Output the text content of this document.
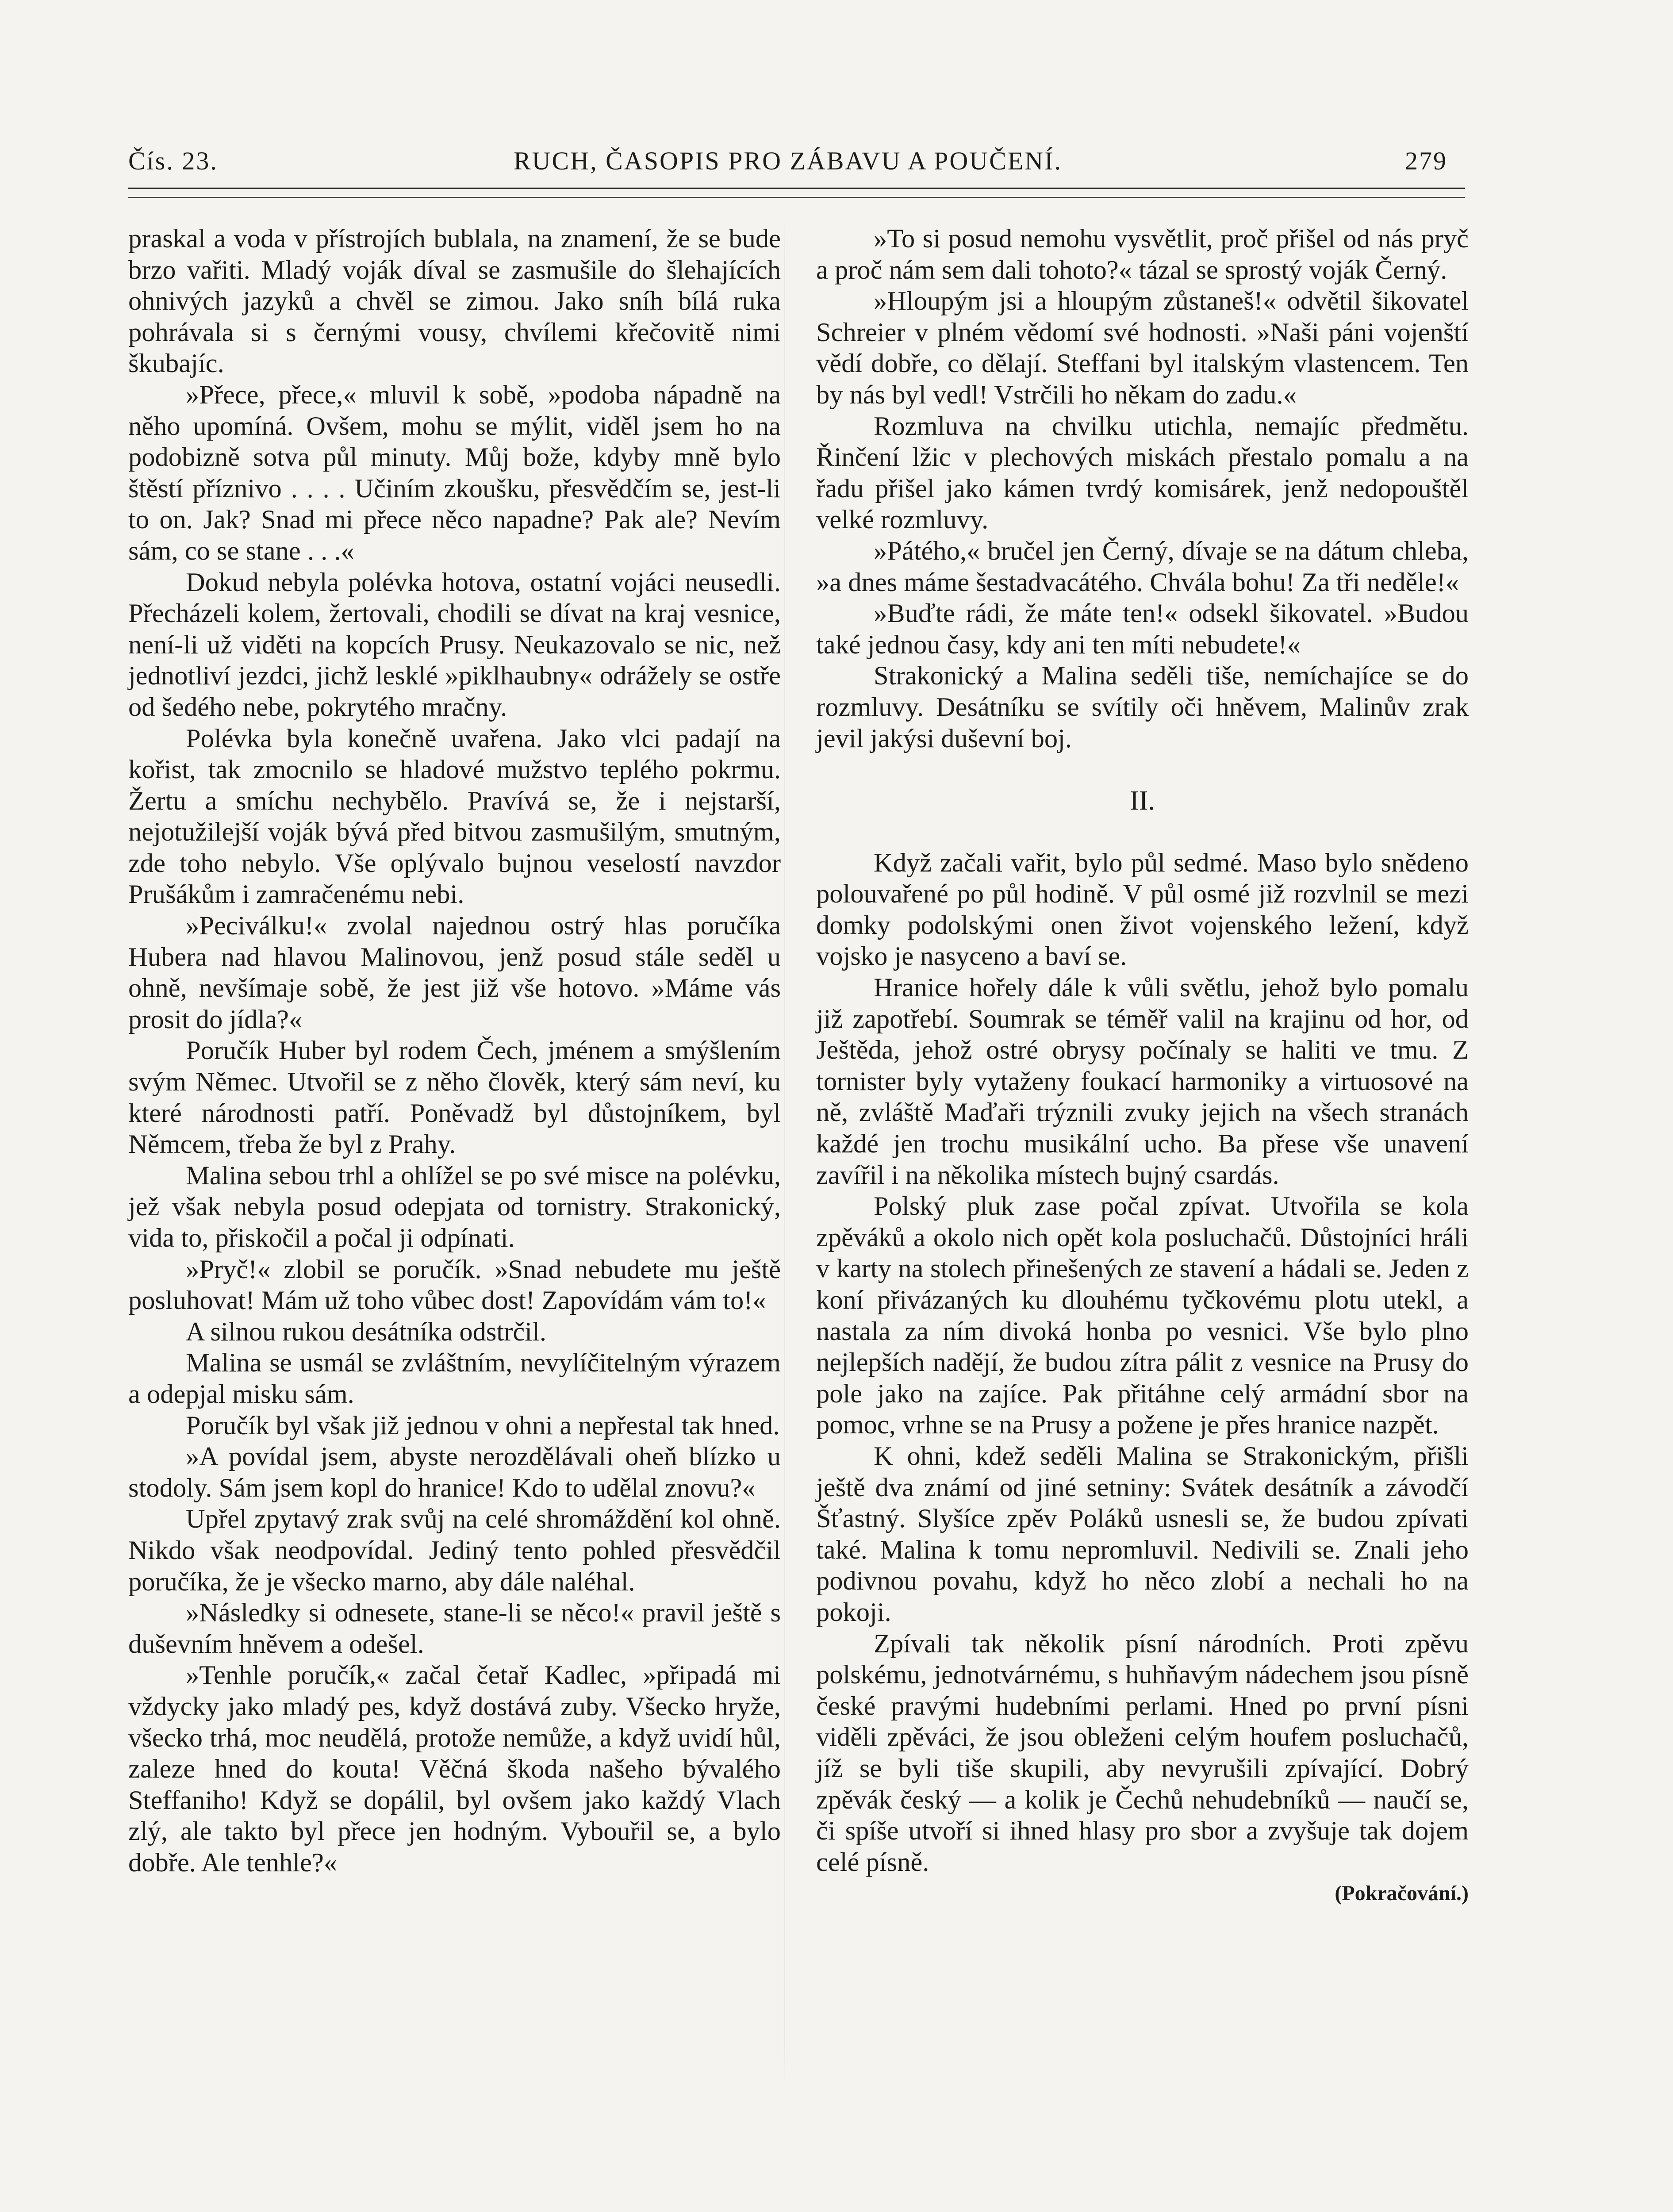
Čís. 23.	RUCH, ČASOPIS PRO ZÁBAVU A POUČENÍ.	279

praskal a voda v přístrojích bublala, na znamení, že se bude brzo vařiti. Mladý voják díval se zasmušile do šlehajících ohnivých jazyků a chvěl se zimou. Jako sníh bílá ruka pohrávala si s černými vousy, chvílemi křečovitě nimi škubajíc.

»Přece, přece,« mluvil k sobě, »podoba nápadně na něho upomíná. Ovšem, mohu se mýlit, viděl jsem ho na podobizně sotva půl minuty. Můj bože, kdyby mně bylo štěstí příznivo . . . . Učiním zkoušku, přesvědčím se, jest-li to on. Jak? Snad mi přece něco napadne? Pak ale? Nevím sám, co se stane . . .«

Dokud nebyla polévka hotova, ostatní vojáci neusedli. Přecházeli kolem, žertovali, chodili se dívat na kraj vesnice, není-li už viděti na kopcích Prusy. Neukazovalo se nic, než jednotliví jezdci, jichž lesklé »piklhaubny« odrážely se ostře od šedého nebe, pokrytého mračny.

Polévka byla konečně uvařena. Jako vlci padají na kořist, tak zmocnilo se hladové mužstvo teplého pokrmu. Žertu a smíchu nechybělo. Pravívá se, že i nejstarší, nejotužilejší voják bývá před bitvou zasmušilým, smutným, zde toho nebylo. Vše oplývalo bujnou veselostí navzdor Prušákům i zamračenému nebi.

»Peciválku!« zvolal najednou ostrý hlas poručíka Hubera nad hlavou Malinovou, jenž posud stále seděl u ohně, nevšímaje sobě, že jest již vše hotovo. »Máme vás prosit do jídla?«

Poručík Huber byl rodem Čech, jménem a smýšlením svým Němec. Utvořil se z něho člověk, který sám neví, ku které národnosti patří. Poněvadž byl důstojníkem, byl Němcem, třeba že byl z Prahy.

Malina sebou trhl a ohlížel se po své misce na polévku, jež však nebyla posud odepjata od tornistry. Strakonický, vida to, přiskočil a počal ji odpínati.

»Pryč!« zlobil se poručík. »Snad nebudete mu ještě posluhovat! Mám už toho vůbec dost! Zapovídám vám to!«

A silnou rukou desátníka odstrčil.

Malina se usmál se zvláštním, nevylíčitelným výrazem a odepjal misku sám.

Poručík byl však již jednou v ohni a nepřestal tak hned.

»A povídal jsem, abyste nerozdělávali oheň blízko u stodoly. Sám jsem kopl do hranice! Kdo to udělal znovu?«

Upřel zpytavý zrak svůj na celé shromáždění kol ohně. Nikdo však neodpovídal. Jediný tento pohled přesvědčil poručíka, že je všecko marno, aby dále naléhal.

»Následky si odnesete, stane-li se něco!« pravil ještě s duševním hněvem a odešel.

»Tenhle poručík,« začal četař Kadlec, »připadá mi vždycky jako mladý pes, když dostává zuby. Všecko hryže, všecko trhá, moc neudělá, protože nemůže, a když uvidí hůl, zaleze hned do kouta! Věčná škoda našeho bývalého Steffaniho! Když se dopálil, byl ovšem jako každý Vlach zlý, ale takto byl přece jen hodným. Vybouřil se, a bylo dobře. Ale tenhle?«

»To si posud nemohu vysvětlit, proč přišel od nás pryč a proč nám sem dali tohoto?« tázal se sprostý voják Černý.

»Hloupým jsi a hloupým zůstaneš!« odvětil šikovatel Schreier v plném vědomí své hodnosti. »Naši páni vojenští vědí dobře, co dělají. Steffani byl italským vlastencem. Ten by nás byl vedl! Vstrčili ho někam do zadu.«

Rozmluva na chvilku utichla, nemajíc předmětu. Řinčení lžic v plechových miskách přestalo pomalu a na řadu přišel jako kámen tvrdý komisárek, jenž nedopouštěl velké rozmluvy.

»Pátého,« bručel jen Černý, dívaje se na dátum chleba, »a dnes máme šestadvacátého. Chvála bohu! Za tři neděle!«

»Buďte rádi, že máte ten!« odsekl šikovatel. »Budou také jednou časy, kdy ani ten míti nebudete!«

Strakonický a Malina seděli tiše, nemíchajíce se do rozmluvy. Desátníku se svítily oči hněvem, Malinův zrak jevil jakýsi duševní boj.

II.

Když začali vařit, bylo půl sedmé. Maso bylo snědeno polouvařené po půl hodině. V půl osmé již rozvlnil se mezi domky podolskými onen život vojenského ležení, když vojsko je nasyceno a baví se.

Hranice hořely dále k vůli světlu, jehož bylo pomalu již zapotřebí. Soumrak se téměř valil na krajinu od hor, od Ještěda, jehož ostré obrysy počínaly se haliti ve tmu. Z tornister byly vytaženy foukací harmoniky a virtuosové na ně, zvláště Maďaři trýznili zvuky jejich na všech stranách každé jen trochu musikální ucho. Ba přese vše unavení zavířil i na několika místech bujný csardás.

Polský pluk zase počal zpívat. Utvořila se kola zpěváků a okolo nich opět kola posluchačů. Důstojníci hráli v karty na stolech přinešených ze stavení a hádali se. Jeden z koní přivázaných ku dlouhému tyčkovému plotu utekl, a nastala za ním divoká honba po vesnici. Vše bylo plno nejlepších nadějí, že budou zítra pálit z vesnice na Prusy do pole jako na zajíce. Pak přitáhne celý armádní sbor na pomoc, vrhne se na Prusy a požene je přes hranice nazpět.

K ohni, kdež seděli Malina se Strakonickým, přišli ještě dva známí od jiné setniny: Svátek desátník a závodčí Šťastný. Slyšíce zpěv Poláků usnesli se, že budou zpívati také. Malina k tomu nepromluvil. Nedivili se. Znali jeho podivnou povahu, když ho něco zlobí a nechali ho na pokoji.

Zpívali tak několik písní národních. Proti zpěvu polskému, jednotvárnému, s huhňavým nádechem jsou písně české pravými hudebními perlami. Hned po první písni viděli zpěváci, že jsou obleženi celým houfem posluchačů, jíž se byli tiše skupili, aby nevyrušili zpívající. Dobrý zpěvák český — a kolik je Čechů nehudebníků — naučí se, či spíše utvoří si ihned hlasy pro sbor a zvyšuje tak dojem celé písně.

(Pokračování.)
